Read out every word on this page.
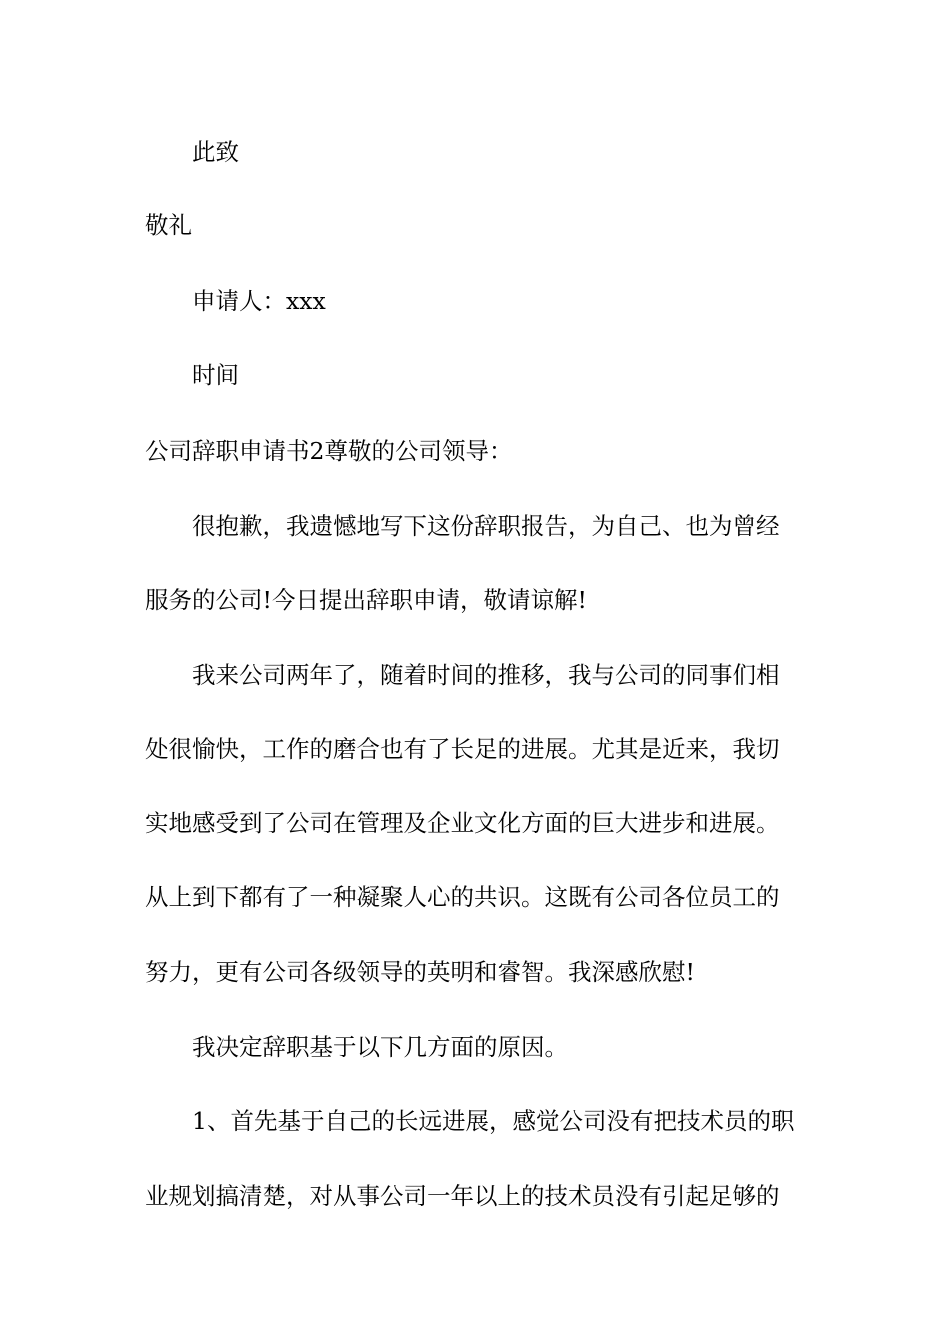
此致
敬礼
申请人：xxx
时间
公司辞职申请书2尊敬的公司领导：
很抱歉，我遗憾地写下这份辞职报告，为自己、也为曾经
服务的公司!今日提出辞职申请，敬请谅解!
我来公司两年了，随着时间的推移，我与公司的同事们相
处很愉快，工作的磨合也有了长足的进展。尤其是近来，我切
实地感受到了公司在管理及企业文化方面的巨大进步和进展。
从上到下都有了一种凝聚人心的共识。这既有公司各位员工的
努力，更有公司各级领导的英明和睿智。我深感欣慰!
我决定辞职基于以下几方面的原因。
1、首先基于自己的长远进展，感觉公司没有把技术员的职
业规划搞清楚，对从事公司一年以上的技术员没有引起足够的
